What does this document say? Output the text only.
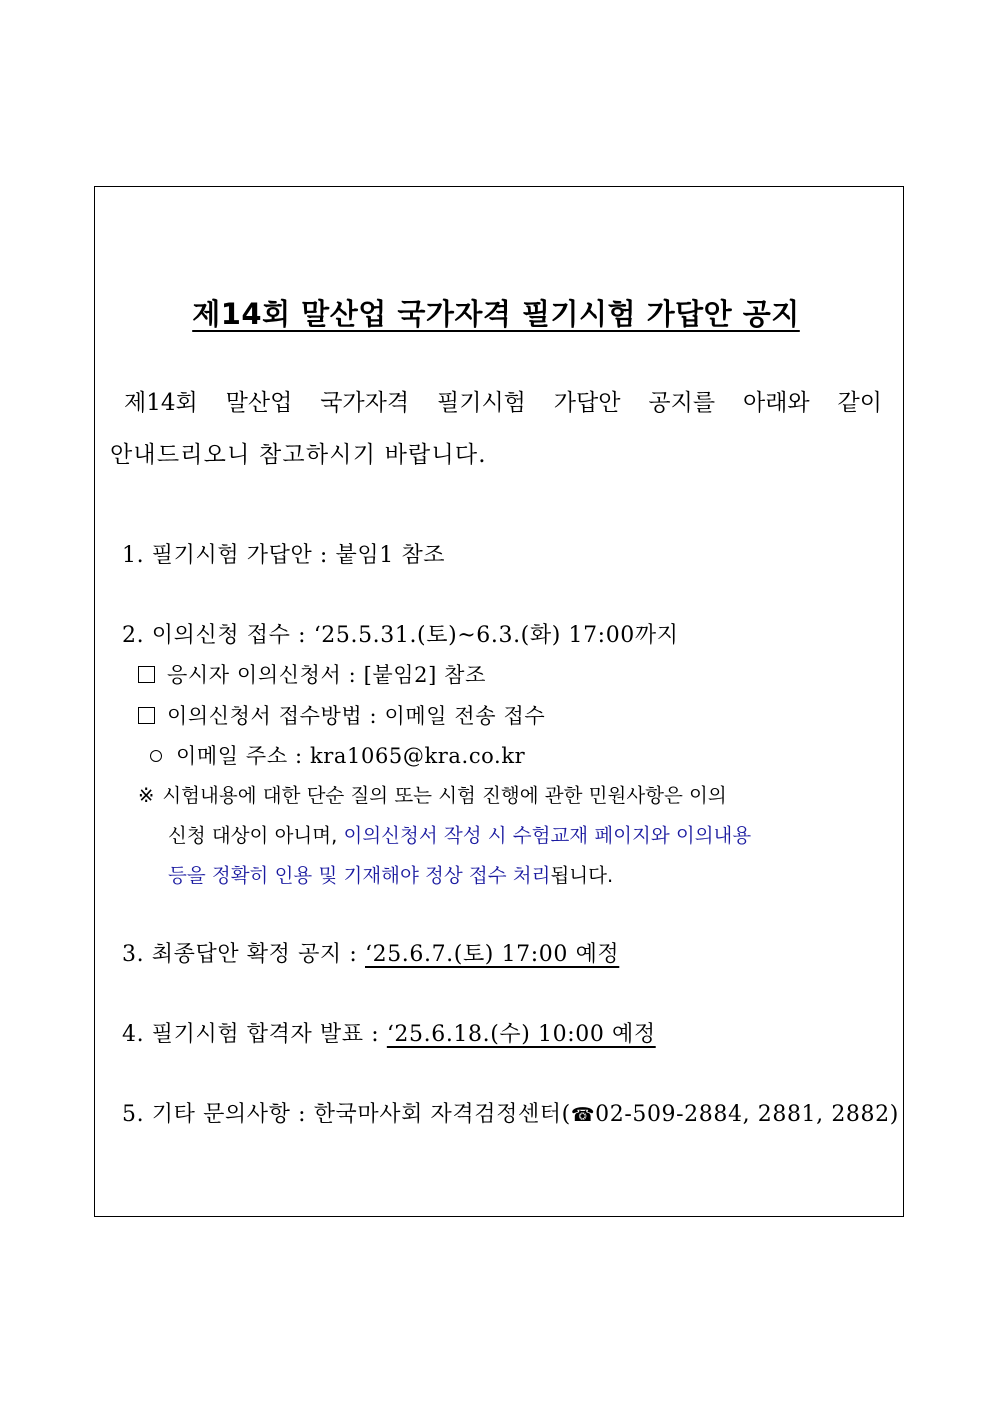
제14회 말산업 국가자격 필기시험 가답안 공지
제14회 말산업 국가자격 필기시험 가답안 공지를 아래와 같이
안내드리오니 참고하시기 바랍니다.
1. 필기시험 가답안 : 붙임1 참조
2. 이의신청 접수 : ‘25.5.31.(토)~6.3.(화) 17:00까지
응시자 이의신청서 : [붙임2] 참조
이의신청서 접수방법 : 이메일 전송 접수
이메일 주소 : kra1065@kra.co.kr
※ 시험내용에 대한 단순 질의 또는 시험 진행에 관한 민원사항은 이의
신청 대상이 아니며, 이의신청서 작성 시 수험교재 페이지와 이의내용
등을 정확히 인용 및 기재해야 정상 접수 처리됩니다.
3. 최종답안 확정 공지 : ‘25.6.7.(토) 17:00 예정
4. 필기시험 합격자 발표 : ‘25.6.18.(수) 10:00 예정
5. 기타 문의사항 : 한국마사회 자격검정센터(☎02-509-2884, 2881, 2882)
